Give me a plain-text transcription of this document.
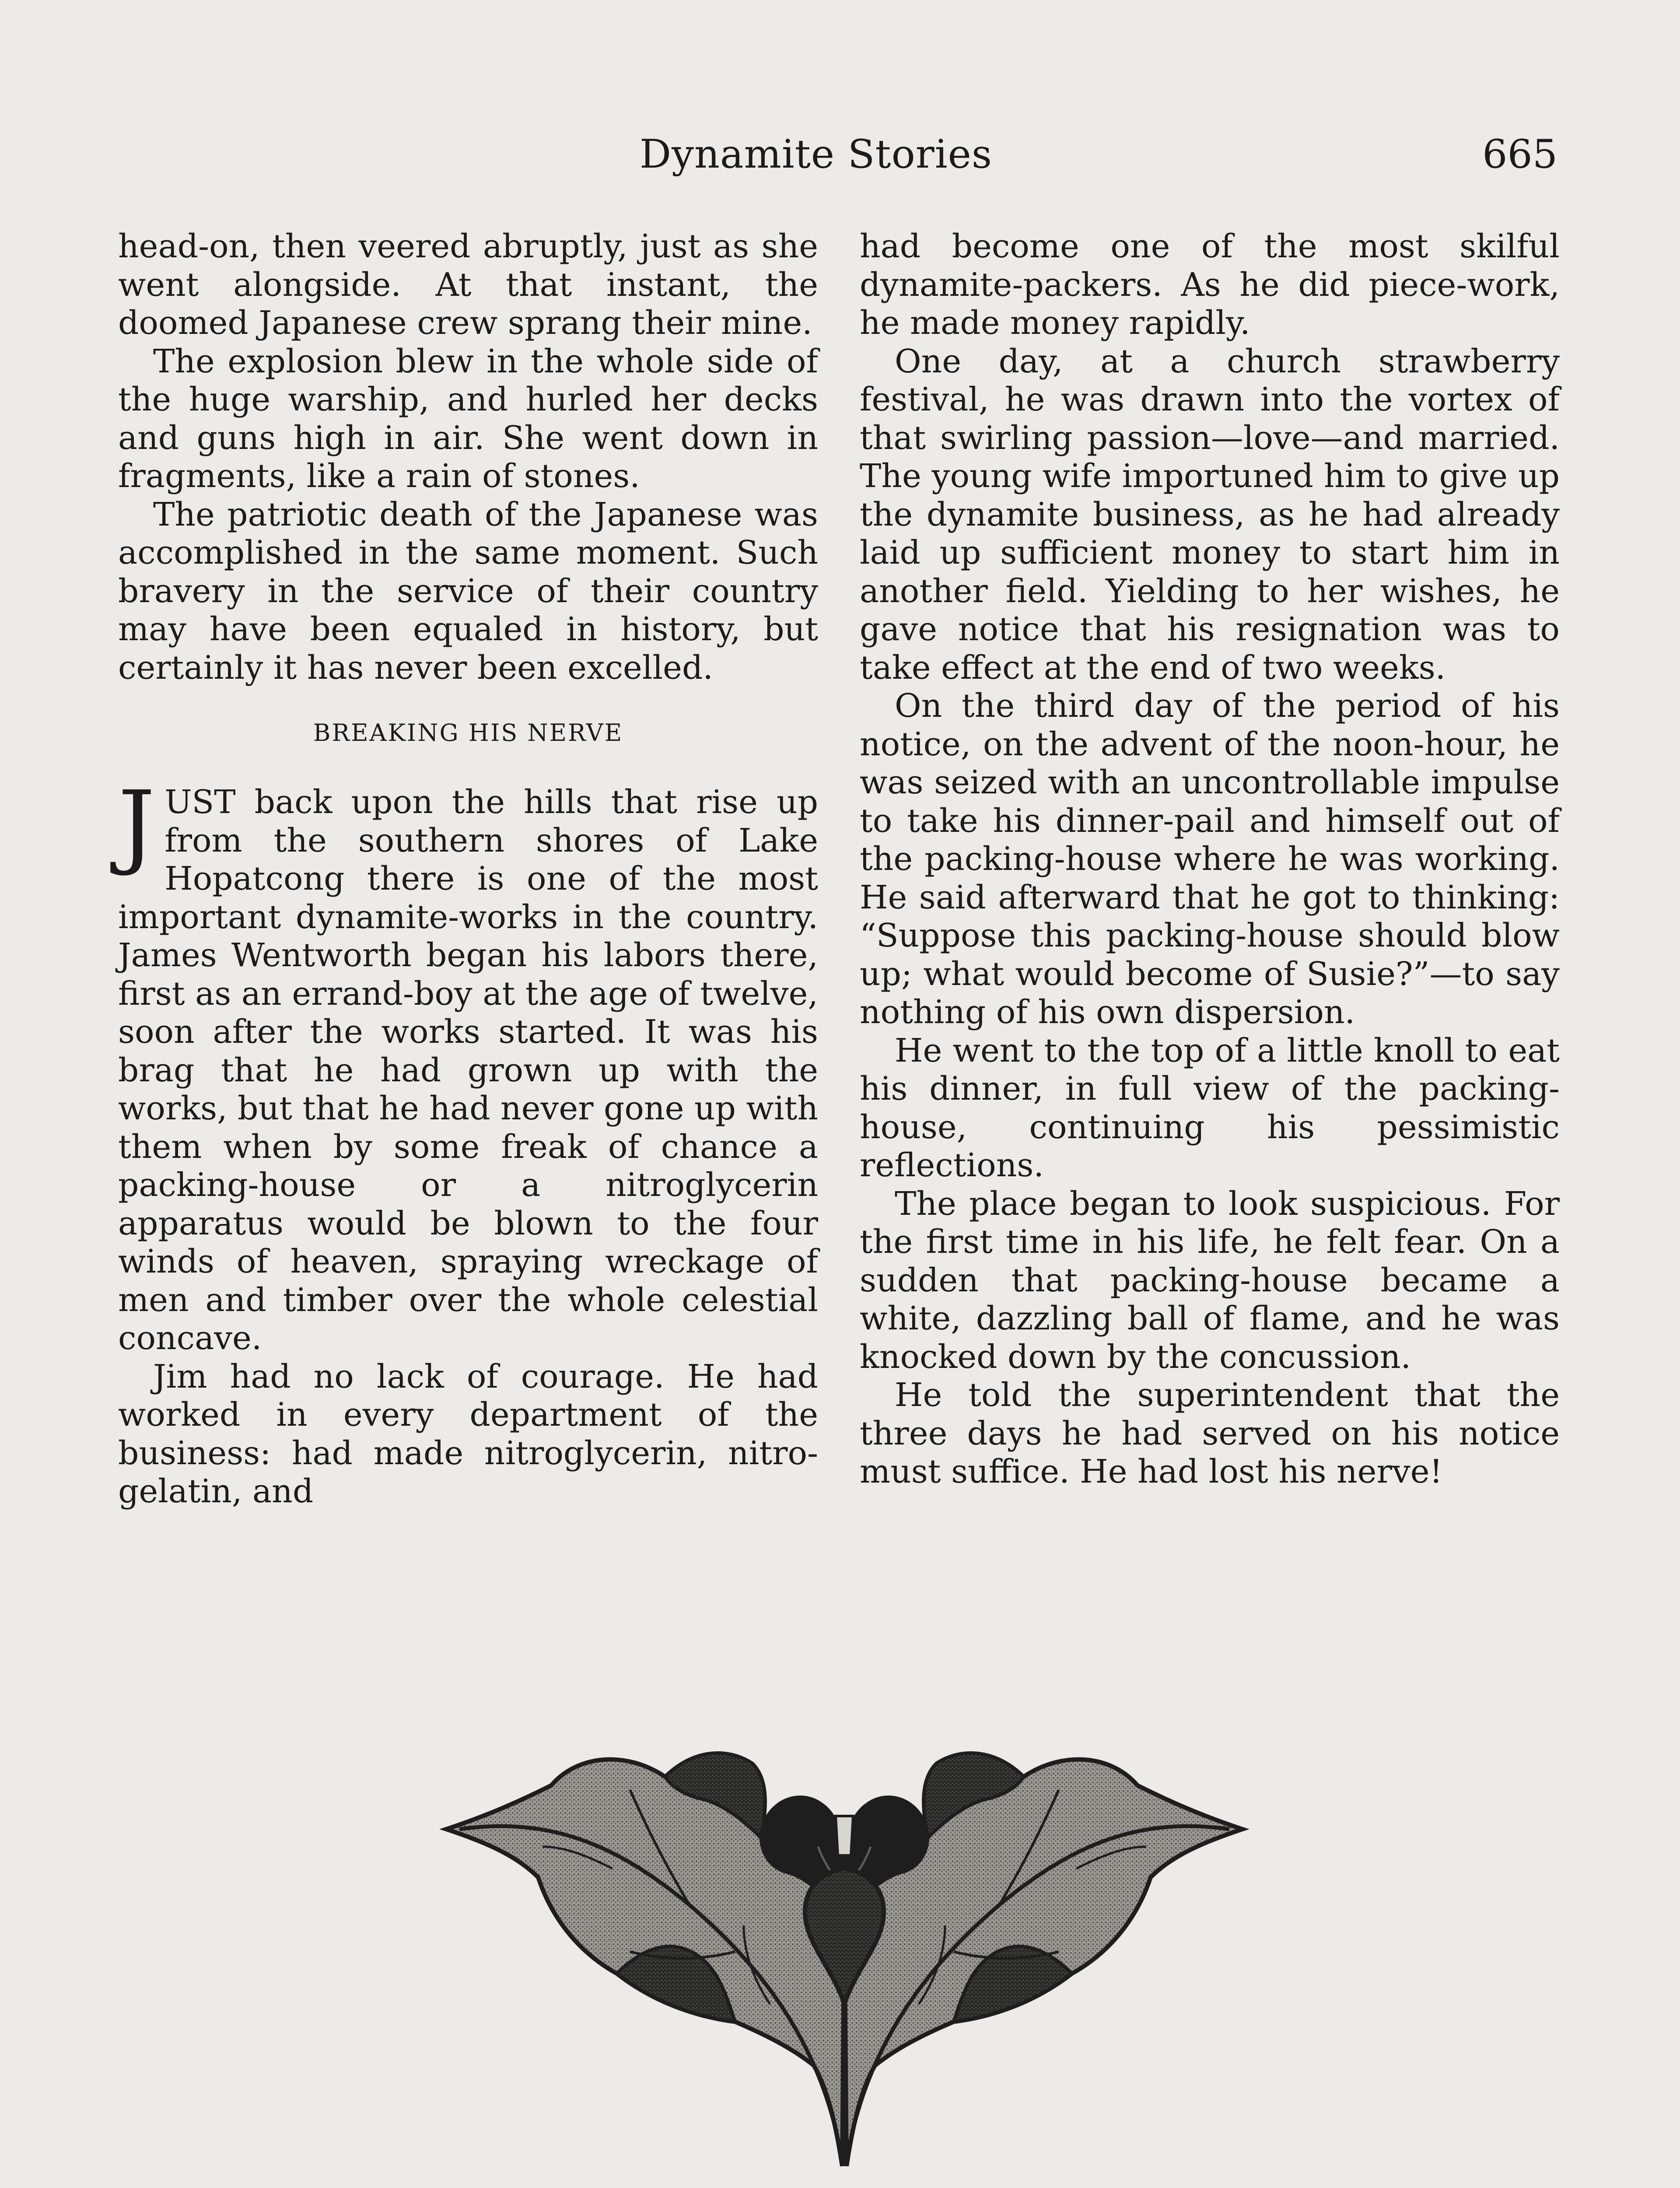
Dynamite Stories	665

head-on, then veered abruptly, just as she went alongside. At that instant, the doomed Japanese crew sprang their mine.

The explosion blew in the whole side of the huge warship, and hurled her decks and guns high in air. She went down in fragments, like a rain of stones.

The patriotic death of the Japanese was accomplished in the same moment. Such bravery in the service of their country may have been equaled in history, but certainly it has never been excelled.

BREAKING HIS NERVE

JUST back upon the hills that rise up from the southern shores of Lake Hopatcong there is one of the most important dynamite-works in the country. James Wentworth began his labors there, first as an errand-boy at the age of twelve, soon after the works started. It was his brag that he had grown up with the works, but that he had never gone up with them when by some freak of chance a packing-house or a nitroglycerin apparatus would be blown to the four winds of heaven, spraying wreckage of men and timber over the whole celestial concave.

Jim had no lack of courage. He had worked in every department of the business: had made nitroglycerin, nitro-gelatin, and

had become one of the most skilful dynamite-packers. As he did piece-work, he made money rapidly.

One day, at a church strawberry festival, he was drawn into the vortex of that swirling passion—love—and married. The young wife importuned him to give up the dynamite business, as he had already laid up sufficient money to start him in another field. Yielding to her wishes, he gave notice that his resignation was to take effect at the end of two weeks.

On the third day of the period of his notice, on the advent of the noon-hour, he was seized with an uncontrollable impulse to take his dinner-pail and himself out of the packing-house where he was working. He said afterward that he got to thinking: “Suppose this packing-house should blow up; what would become of Susie?”—to say nothing of his own dispersion.

He went to the top of a little knoll to eat his dinner, in full view of the packing-house, continuing his pessimistic reflections.

The place began to look suspicious. For the first time in his life, he felt fear. On a sudden that packing-house became a white, dazzling ball of flame, and he was knocked down by the concussion.

He told the superintendent that the three days he had served on his notice must suffice. He had lost his nerve!
